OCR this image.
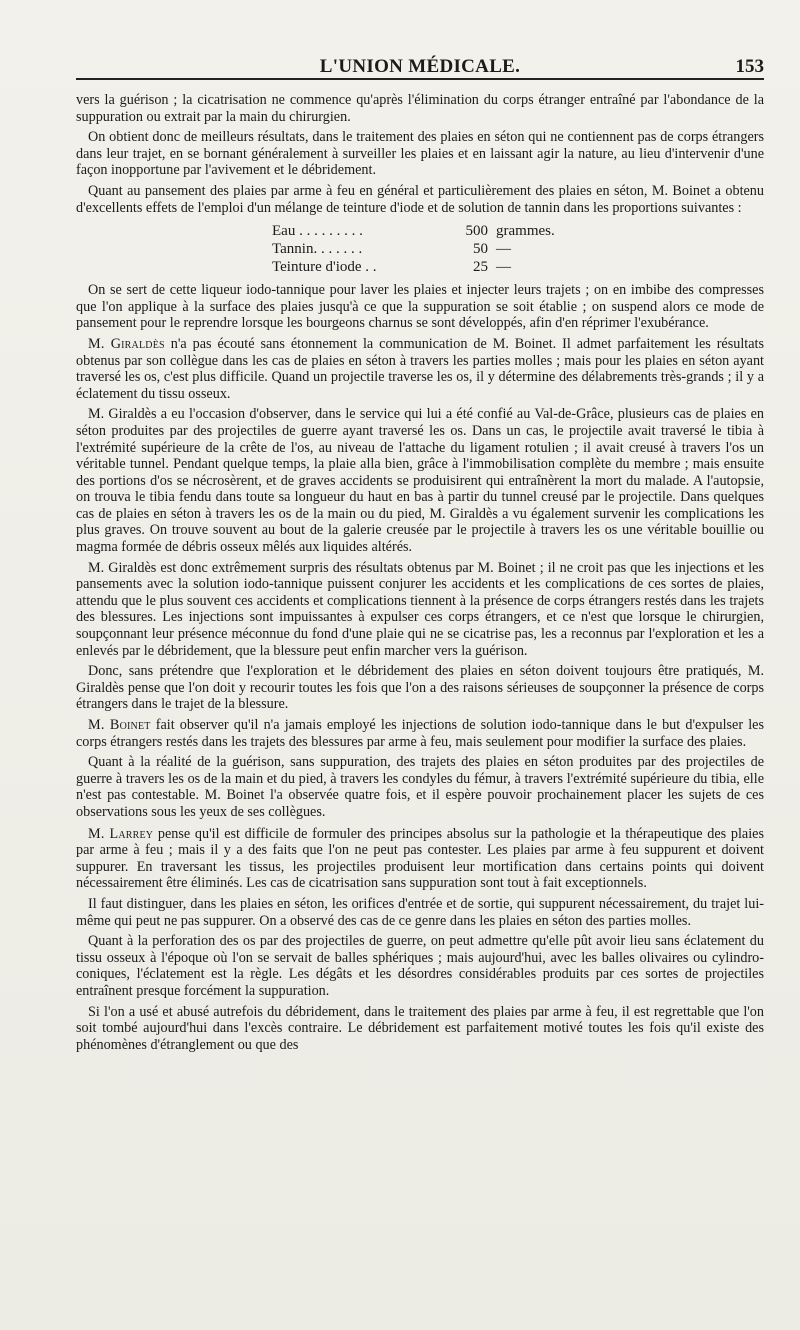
L'UNION MÉDICALE.	153

vers la guérison ; la cicatrisation ne commence qu'après l'élimination du corps étranger entraîné par l'abondance de la suppuration ou extrait par la main du chirurgien.

On obtient donc de meilleurs résultats, dans le traitement des plaies en séton qui ne contiennent pas de corps étrangers dans leur trajet, en se bornant généralement à surveiller les plaies et en laissant agir la nature, au lieu d'intervenir d'une façon inopportune par l'avivement et le débridement.

Quant au pansement des plaies par arme à feu en général et particulièrement des plaies en séton, M. Boinet a obtenu d'excellents effets de l'emploi d'un mélange de teinture d'iode et de solution de tannin dans les proportions suivantes :

Eau . . . . . . . . .	500 grammes.
Tannin. . . . . . .	50 —
Teinture d'iode . .	25 —

On se sert de cette liqueur iodo-tannique pour laver les plaies et injecter leurs trajets ; on en imbibe des compresses que l'on applique à la surface des plaies jusqu'à ce que la suppuration se soit établie ; on suspend alors ce mode de pansement pour le reprendre lorsque les bourgeons charnus se sont développés, afin d'en réprimer l'exubérance.

M. Giraldès n'a pas écouté sans étonnement la communication de M. Boinet. Il admet parfaitement les résultats obtenus par son collègue dans les cas de plaies en séton à travers les parties molles ; mais pour les plaies en séton ayant traversé les os, c'est plus difficile. Quand un projectile traverse les os, il y détermine des délabrements très-grands ; il y a éclatement du tissu osseux.

M. Giraldès a eu l'occasion d'observer, dans le service qui lui a été confié au Val-de-Grâce, plusieurs cas de plaies en séton produites par des projectiles de guerre ayant traversé les os. Dans un cas, le projectile avait traversé le tibia à l'extrémité supérieure de la crête de l'os, au niveau de l'attache du ligament rotulien ; il avait creusé à travers l'os un véritable tunnel. Pendant quelque temps, la plaie alla bien, grâce à l'immobilisation complète du membre ; mais ensuite des portions d'os se nécrosèrent, et de graves accidents se produisirent qui entraînèrent la mort du malade. A l'autopsie, on trouva le tibia fendu dans toute sa longueur du haut en bas à partir du tunnel creusé par le projectile. Dans quelques cas de plaies en séton à travers les os de la main ou du pied, M. Giraldès a vu également survenir les complications les plus graves. On trouve souvent au bout de la galerie creusée par le projectile à travers les os une véritable bouillie ou magma formée de débris osseux mêlés aux liquides altérés.

M. Giraldès est donc extrêmement surpris des résultats obtenus par M. Boinet ; il ne croit pas que les injections et les pansements avec la solution iodo-tannique puissent conjurer les accidents et les complications de ces sortes de plaies, attendu que le plus souvent ces accidents et complications tiennent à la présence de corps étrangers restés dans les trajets des blessures. Les injections sont impuissantes à expulser ces corps étrangers, et ce n'est que lorsque le chirurgien, soupçonnant leur présence méconnue du fond d'une plaie qui ne se cicatrise pas, les a reconnus par l'exploration et les a enlevés par le débridement, que la blessure peut enfin marcher vers la guérison.

Donc, sans prétendre que l'exploration et le débridement des plaies en séton doivent toujours être pratiqués, M. Giraldès pense que l'on doit y recourir toutes les fois que l'on a des raisons sérieuses de soupçonner la présence de corps étrangers dans le trajet de la blessure.

M. Boinet fait observer qu'il n'a jamais employé les injections de solution iodo-tannique dans le but d'expulser les corps étrangers restés dans les trajets des blessures par arme à feu, mais seulement pour modifier la surface des plaies.

Quant à la réalité de la guérison, sans suppuration, des trajets des plaies en séton produites par des projectiles de guerre à travers les os de la main et du pied, à travers les condyles du fémur, à travers l'extrémité supérieure du tibia, elle n'est pas contestable. M. Boinet l'a observée quatre fois, et il espère pouvoir prochainement placer les sujets de ces observations sous les yeux de ses collègues.

M. Larrey pense qu'il est difficile de formuler des principes absolus sur la pathologie et la thérapeutique des plaies par arme à feu ; mais il y a des faits que l'on ne peut pas contester. Les plaies par arme à feu suppurent et doivent suppurer. En traversant les tissus, les projectiles produisent leur mortification dans certains points qui doivent nécessairement être éliminés. Les cas de cicatrisation sans suppuration sont tout à fait exceptionnels.

Il faut distinguer, dans les plaies en séton, les orifices d'entrée et de sortie, qui suppurent nécessairement, du trajet lui-même qui peut ne pas suppurer. On a observé des cas de ce genre dans les plaies en séton des parties molles.

Quant à la perforation des os par des projectiles de guerre, on peut admettre qu'elle pût avoir lieu sans éclatement du tissu osseux à l'époque où l'on se servait de balles sphériques ; mais aujourd'hui, avec les balles olivaires ou cylindro-coniques, l'éclatement est la règle. Les dégâts et les désordres considérables produits par ces sortes de projectiles entraînent presque forcément la suppuration.

Si l'on a usé et abusé autrefois du débridement, dans le traitement des plaies par arme à feu, il est regrettable que l'on soit tombé aujourd'hui dans l'excès contraire. Le débridement est parfaitement motivé toutes les fois qu'il existe des phénomènes d'étranglement ou que des
